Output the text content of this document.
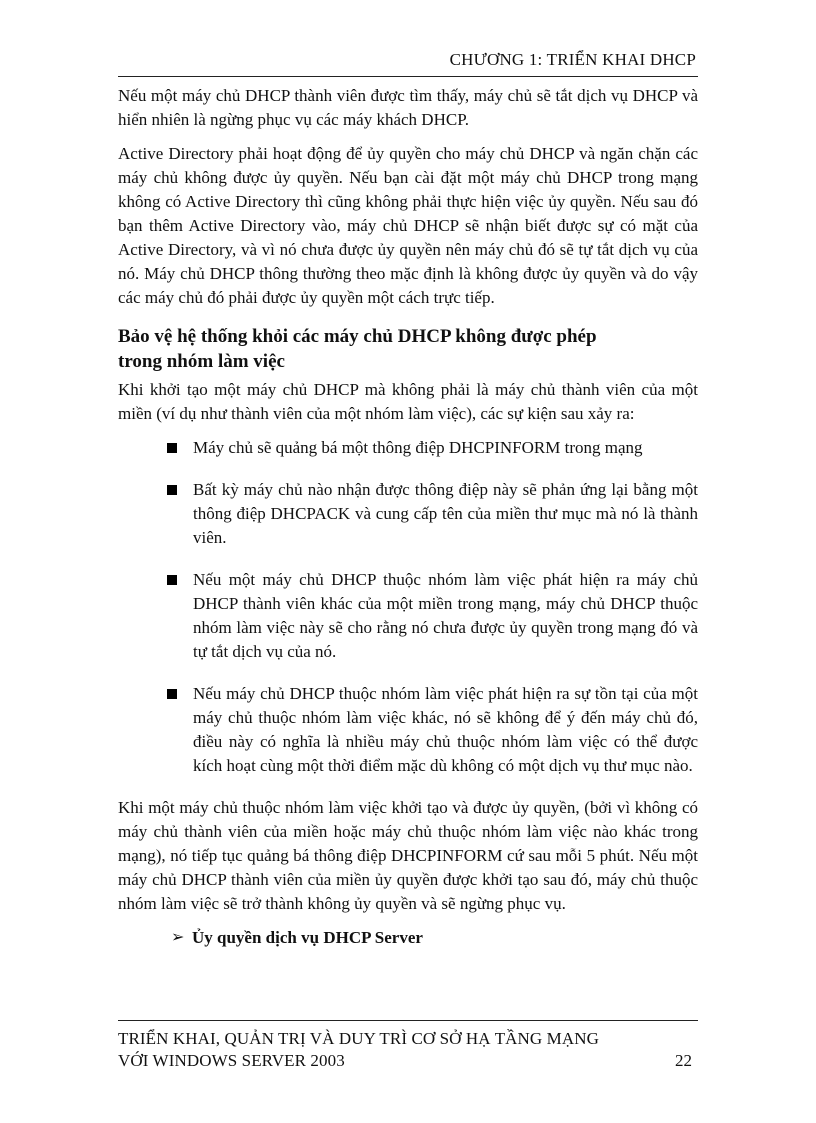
CHƯƠNG 1: TRIỂN KHAI DHCP

Nếu một máy chủ DHCP thành viên được tìm thấy, máy chủ sẽ tắt dịch vụ DHCP và hiển nhiên là ngừng phục vụ các máy khách DHCP.

Active Directory phải hoạt động để ủy quyền cho máy chủ DHCP và ngăn chặn các máy chủ không được ủy quyền. Nếu bạn cài đặt một máy chủ DHCP trong mạng không có Active Directory thì cũng không phải thực hiện việc ủy quyền. Nếu sau đó bạn thêm Active Directory vào, máy chủ DHCP sẽ nhận biết được sự có mặt của Active Directory, và vì nó chưa được ủy quyền nên máy chủ đó sẽ tự tắt dịch vụ của nó. Máy chủ DHCP thông thường theo mặc định là không được ủy quyền và do vậy các máy chủ đó phải được ủy quyền một cách trực tiếp.

Bảo vệ hệ thống khỏi các máy chủ DHCP không được phép
trong nhóm làm việc

Khi khởi tạo một máy chủ DHCP mà không phải là máy chủ thành viên của một miền (ví dụ như thành viên của một nhóm làm việc), các sự kiện sau xảy ra:

Máy chủ sẽ quảng bá một thông điệp DHCPINFORM trong mạng
Bất kỳ máy chủ nào nhận được thông điệp này sẽ phản ứng lại bằng một thông điệp DHCPACK và cung cấp tên của miền thư mục mà nó là thành viên.
Nếu một máy chủ DHCP thuộc nhóm làm việc phát hiện ra máy chủ DHCP thành viên khác của một miền trong mạng, máy chủ DHCP thuộc nhóm làm việc này sẽ cho rằng nó chưa được ủy quyền trong mạng đó và tự tắt dịch vụ của nó.
Nếu máy chủ DHCP thuộc nhóm làm việc phát hiện ra sự tồn tại của một máy chủ thuộc nhóm làm việc khác, nó sẽ không để ý đến máy chủ đó, điều này có nghĩa là nhiều máy chủ thuộc nhóm làm việc có thể được kích hoạt cùng một thời điểm mặc dù không có một dịch vụ thư mục nào.

Khi một máy chủ thuộc nhóm làm việc khởi tạo và được ủy quyền, (bởi vì không có máy chủ thành viên của miền hoặc máy chủ thuộc nhóm làm việc nào khác trong mạng), nó tiếp tục quảng bá thông điệp DHCPINFORM cứ sau mỗi 5 phút. Nếu một máy chủ DHCP thành viên của miền ủy quyền được khởi tạo sau đó, máy chủ thuộc nhóm làm việc sẽ trở thành không ủy quyền và sẽ ngừng phục vụ.

➢ Ủy quyền dịch vụ DHCP Server
TRIỂN KHAI, QUẢN TRỊ VÀ DUY TRÌ CƠ SỞ HẠ TẦNG MẠNG
VỚI WINDOWS SERVER 2003	22
